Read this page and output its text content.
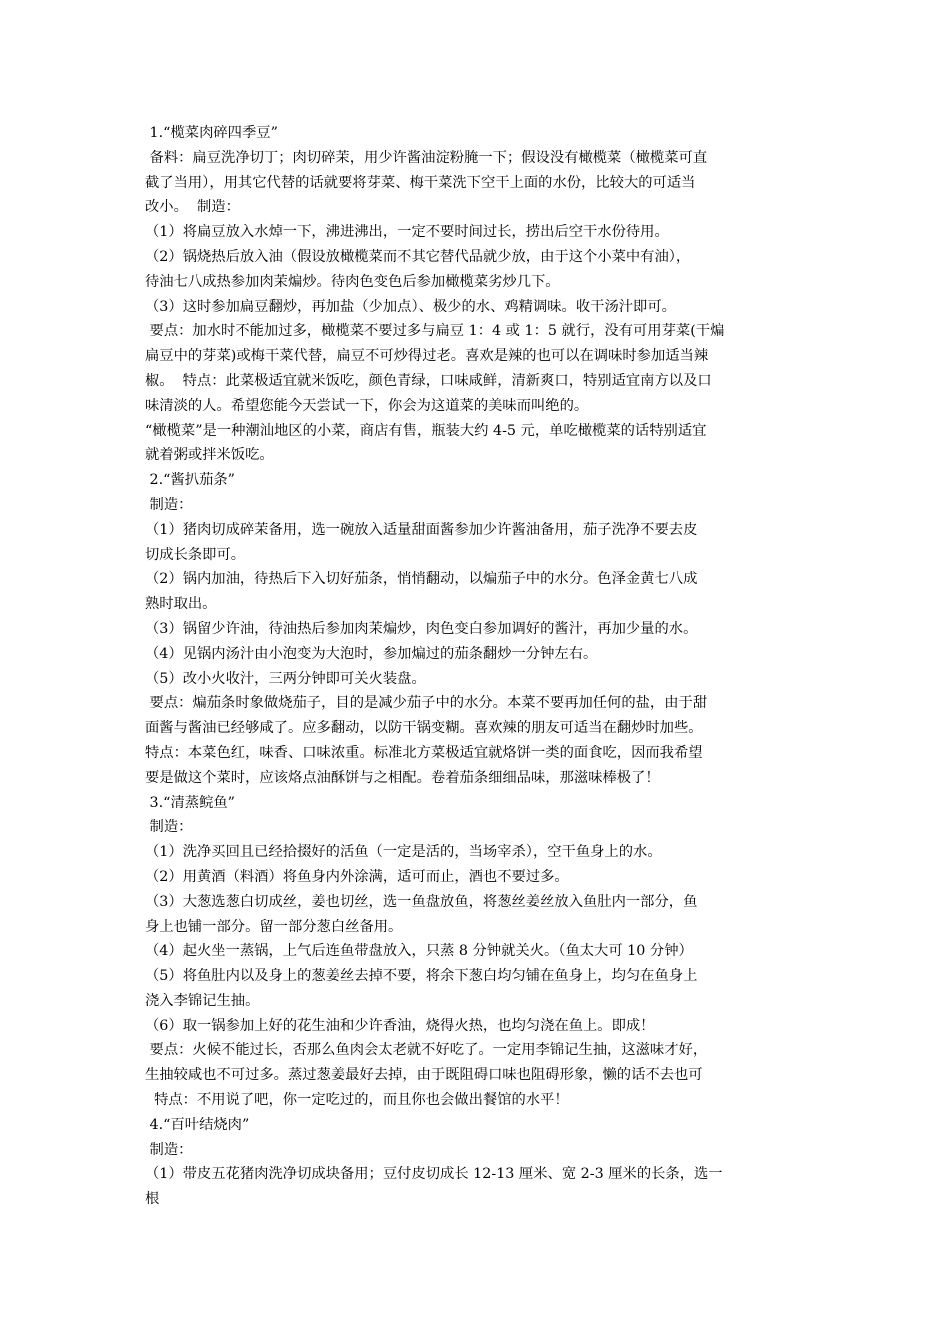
1.“榄菜肉碎四季豆”
备料：扁豆洗净切丁；肉切碎茉，用少许酱油淀粉腌一下；假设没有橄榄菜（橄榄菜可直
截了当用），用其它代替的话就要将芽菜、梅干菜洗下空干上面的水份，比较大的可适当
改小。  制造：
（1）将扁豆放入水焯一下，沸进沸出，一定不要时间过长，捞出后空干水份待用。
（2）锅烧热后放入油（假设放橄榄菜而不其它替代品就少放，由于这个小菜中有油），
待油七八成热参加肉茉煸炒。待肉色变色后参加橄榄菜劣炒几下。
（3）这时参加扁豆翻炒，再加盐（少加点）、极少的水、鸡精调味。收干汤汁即可。
要点：加水时不能加过多，橄榄菜不要过多与扁豆 1：4 或 1：5 就行，没有可用芽菜(干煸
扁豆中的芽菜)或梅干菜代替，扁豆不可炒得过老。喜欢是辣的也可以在调味时参加适当辣
椒。  特点：此菜极适宜就米饭吃，颜色青绿，口味咸鲜，清新爽口，特别适宜南方以及口
味清淡的人。希望您能今天尝试一下，你会为这道菜的美味而叫绝的。
“橄榄菜”是一种潮汕地区的小菜，商店有售，瓶装大约 4-5 元，单吃橄榄菜的话特别适宜
就着粥或拌米饭吃。
2.“酱扒茄条”
制造：
（1）猪肉切成碎茉备用，选一碗放入适量甜面酱参加少许酱油备用，茄子洗净不要去皮
切成长条即可。
（2）锅内加油，待热后下入切好茄条，悄悄翻动，以煸茄子中的水分。色泽金黄七八成
熟时取出。
（3）锅留少许油，待油热后参加肉茉煸炒，肉色变白参加调好的酱汁，再加少量的水。
（4）见锅内汤汁由小泡变为大泡时，参加煸过的茄条翻炒一分钟左右。
（5）改小火收汁，三两分钟即可关火装盘。
要点：煸茄条时象做烧茄子，目的是减少茄子中的水分。本菜不要再加任何的盐，由于甜
面酱与酱油已经够咸了。应多翻动，以防干锅变糊。喜欢辣的朋友可适当在翻炒时加些。
特点：本菜色红，味香、口味浓重。标准北方菜极适宜就烙饼一类的面食吃，因而我希望
要是做这个菜时，应该烙点油酥饼与之相配。卷着茄条细细品味，那滋味棒极了！
3.“清蒸鲩鱼”
制造：
（1）洗净买回且已经拾掇好的活鱼（一定是活的，当场宰杀），空干鱼身上的水。
（2）用黄酒（料酒）将鱼身内外涂满，适可而止，酒也不要过多。
（3）大葱选葱白切成丝，姜也切丝，选一鱼盘放鱼，将葱丝姜丝放入鱼肚内一部分，鱼
身上也铺一部分。留一部分葱白丝备用。
（4）起火坐一蒸锅，上气后连鱼带盘放入，只蒸 8 分钟就关火。（鱼太大可 10 分钟）
（5）将鱼肚内以及身上的葱姜丝去掉不要，将余下葱白均匀铺在鱼身上，均匀在鱼身上
浇入李锦记生抽。
（6）取一锅参加上好的花生油和少许香油，烧得火热，也均匀浇在鱼上。即成！
要点：火候不能过长，否那么鱼肉会太老就不好吃了。一定用李锦记生抽，这滋味才好，
生抽较咸也不可过多。蒸过葱姜最好去掉，由于既阻碍口味也阻碍形象，懒的话不去也可
特点：不用说了吧，你一定吃过的，而且你也会做出餐馆的水平！
4.“百叶结烧肉”
制造：
（1）带皮五花猪肉洗净切成块备用；豆付皮切成长 12-13 厘米、宽 2-3 厘米的长条，选一
根
